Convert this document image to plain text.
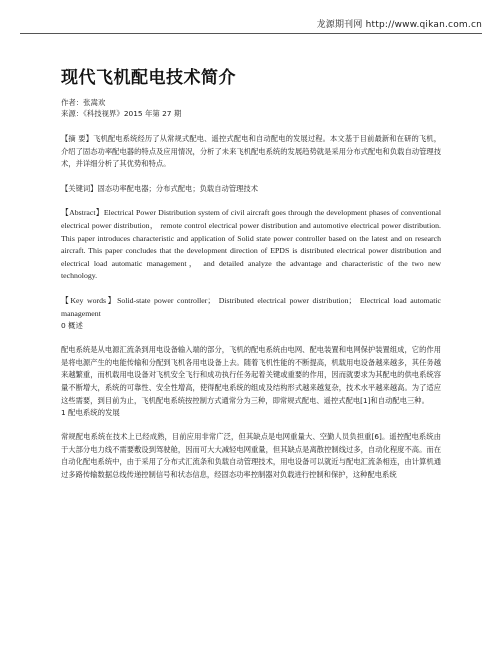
龙源期刊网 http://www.qikan.com.cn
现代飞机配电技术简介
作者：张嵩欢
来源：《科技视界》2015 年第 27 期

【摘 要】飞机配电系统经历了从常规式配电、遥控式配电和自动配电的发展过程。本文基于目前最新和在研的飞机，介绍了固态功率配电器的特点及应用情况，分析了未来飞机配电系统的发展趋势就是采用分布式配电和负载自动管理技术，并详细分析了其优势和特点。

【关键词】固态功率配电器；分布式配电；负载自动管理技术

【Abstract】Electrical Power Distribution system of civil aircraft goes through the development phases of conventional electrical power distribution， remote control electrical power distribution and automotive electrical power distribution. This paper introduces characteristic and application of Solid state power controller based on the latest and on research aircraft. This paper concludes that the development direction of EPDS is distributed electrical power distribution and electrical load automatic management， and detailed analyze the advantage and characteristic of the two new technology.

【Key words】Solid-state power controller； Distributed electrical power distribution； Electrical load automatic management

0 概述

配电系统是从电源汇流条到用电设备输入端的部分，飞机的配电系统由电网、配电装置和电网保护装置组成，它的作用是将电源产生的电能传输和分配到飞机各用电设备上去。随着飞机性能的不断提高，机载用电设备越来越多，其任务越来越繁重，而机载用电设备对飞机安全飞行和成功执行任务起着关键或重要的作用，因而就要求为其配电的供电系统容量不断增大，系统的可靠性、安全性增高，使得配电系统的组成及结构形式越来越复杂，技术水平越来越高。为了适应这些需要，到目前为止，飞机配电系统按控制方式通常分为三种，即常规式配电、遥控式配电[1]和自动配电三种。

1 配电系统的发展

常规配电系统在技术上已经成熟，目前应用非常广泛，但其缺点是电网重量大、空勤人员负担重[6]。遥控配电系统由于大部分电力线不需要敷设到驾驶舱，因而可大大减轻电网重量，但其缺点是离散控制线过多，自动化程度不高。而在自动化配电系统中，由于采用了分布式汇流条和负载自动管理技术，用电设备可以就近与配电汇流条相连，由计算机通过多路传输数据总线传递控制信号和状态信息，经固态功率控制器对负载进行控制和保护，这种配电系统
